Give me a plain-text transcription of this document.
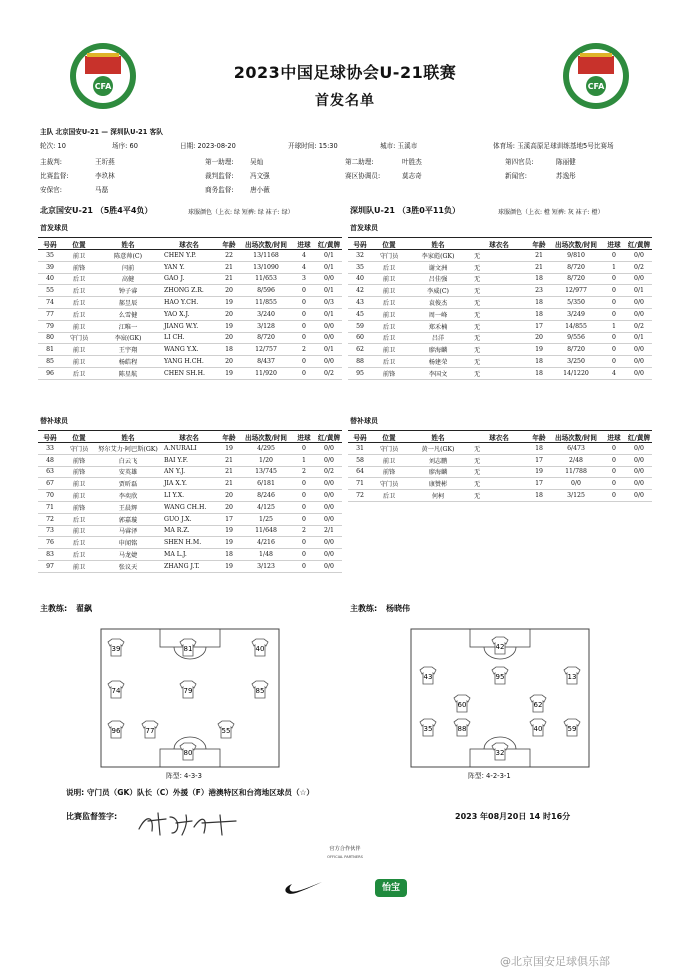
CFA	CFA
2023中国足球协会U-21联赛
首发名单
主队 北京国安U-21 — 深圳队U-21 客队
轮次: 10	场序: 60	日期: 2023-08-20	开球时间: 15:30	城市: 玉溪市	体育场: 玉溪高原足球训练基地5号比赛场
主裁判:	王圻燕	第一助理: 吴灿	第二助理:	叶胜杰	第四官员:	陈丽健
比赛监督:	李玖林	裁判监督: 冯文强	赛区协调员:	莫志奇	新闻官:	苏逸彤
安保官:	马磊	商务监督: 唐小薇
北京国安U-21 （5胜4平4负）	球服颜色（上衣: 绿 短裤: 绿 袜子: 绿）	深圳队U-21 （3胜0平11负）	球服颜色（上衣: 橙 短裤: 灰 袜子: 橙）
首发球员	首发球员
号码	位置	姓名	球衣名	年龄	出场次数/时间	进球	红/黄牌
35	前卫	陈意帅(C)	CHEN Y.P.	22	13/1168	4	0/1
39	前锋	闫前	YAN Y.	21	13/1090	4	0/1
40	后卫	高健	GAO J.	21	11/653	3	0/0
55	后卫	钟子睿	ZHONG Z.R.	20	8/596	0	0/1
74	后卫	郝昱辰	HAO Y.CH.	19	11/855	0	0/3
77	后卫	么雪健	YAO X.J.	20	3/240	0	0/1
79	前卫	江唯一	JIANG W.Y.	19	3/128	0	0/0
80	守门员	李宸(GK)	LI CH.	20	8/720	0	0/0
81	前卫	王宇翔	WANG Y.X.	18	12/757	2	0/1
85	前卫	杨皓程	YANG H.CH.	20	8/437	0	0/0
96	后卫	陈星航	CHEN SH.H.	19	11/920	0	0/2
号码	位置	姓名	球衣名	年龄	出场次数/时间	进球	红/黄牌
32	守门员	李家彪(GK)	无	21	9/810	0	0/0
35	后卫	谢文洲	无	21	8/720	1	0/2
40	前卫	吕佳强	无	18	8/720	0	0/0
42	前卫	李威(C)	无	23	12/977	0	0/1
43	后卫	袁俊杰	无	18	5/350	0	0/0
45	前卫	周一峰	无	18	3/249	0	0/0
59	后卫	郑禾楠	无	17	14/855	1	0/2
60	后卫	吕洋	无	20	9/556	0	0/1
62	前卫	廖海麟	无	19	8/720	0	0/0
88	后卫	杨建荣	无	18	3/250	0	0/0
95	前锋	李国文	无	18	14/1220	4	0/0
替补球员	替补球员
号码	位置	姓名	球衣名	年龄	出场次数/时间	进球	红/黄牌
33	守门员	努尔艾力·阿巴斯(GK)	A.NURALI	19	4/295	0	0/0
48	前锋	白云飞	BAI Y.F.	21	1/20	1	0/0
63	前锋	安英雄	AN Y.J.	21	13/745	2	0/2
67	前卫	贾昕磊	JIA X.Y.	21	6/181	0	0/0
70	前卫	李奕欣	LI Y.X.	20	8/246	0	0/0
71	前锋	王晨辉	WANG CH.H.	20	4/125	0	0/0
72	后卫	郭嘉璇	GUO J.X.	17	1/25	0	0/0
73	前卫	马睿泽	MA R.Z.	19	11/648	2	2/1
76	后卫	申闻铭	SHEN H.M.	19	4/216	0	0/0
83	后卫	马龙婕	MA L.J.	18	1/48	0	0/0
97	前卫	张议天	ZHANG J.T.	19	3/123	0	0/0
号码	位置	姓名	球衣名	年龄	出场次数/时间	进球	红/黄牌
31	守门员	黄一凡(GK)	无	18	6/473	0	0/0
58	前卫	刘志鹏	无	17	2/48	0	0/0
64	前锋	廖海麟	无	19	11/788	0	0/0
71	守门员	康赞彬	无	17	0/0	0	0/0
72	后卫	何柯	无	18	3/125	0	0/0
主教练: 翟飙	主教练: 杨晓伟
39	81	40
74	79	85
96	77	55
80
阵型: 4-3-3
42
95
43	13
60	62
35	88	40	59
32
阵型: 4-2-3-1
说明: 守门员（GK）队长（C）外援（F）港澳特区和台湾地区球员（☆）
比赛监督签字:	2023 年08月20日 14 时16分
官方合作伙伴
OFFICIAL PARTNERS
怡宝
@北京国安足球俱乐部
